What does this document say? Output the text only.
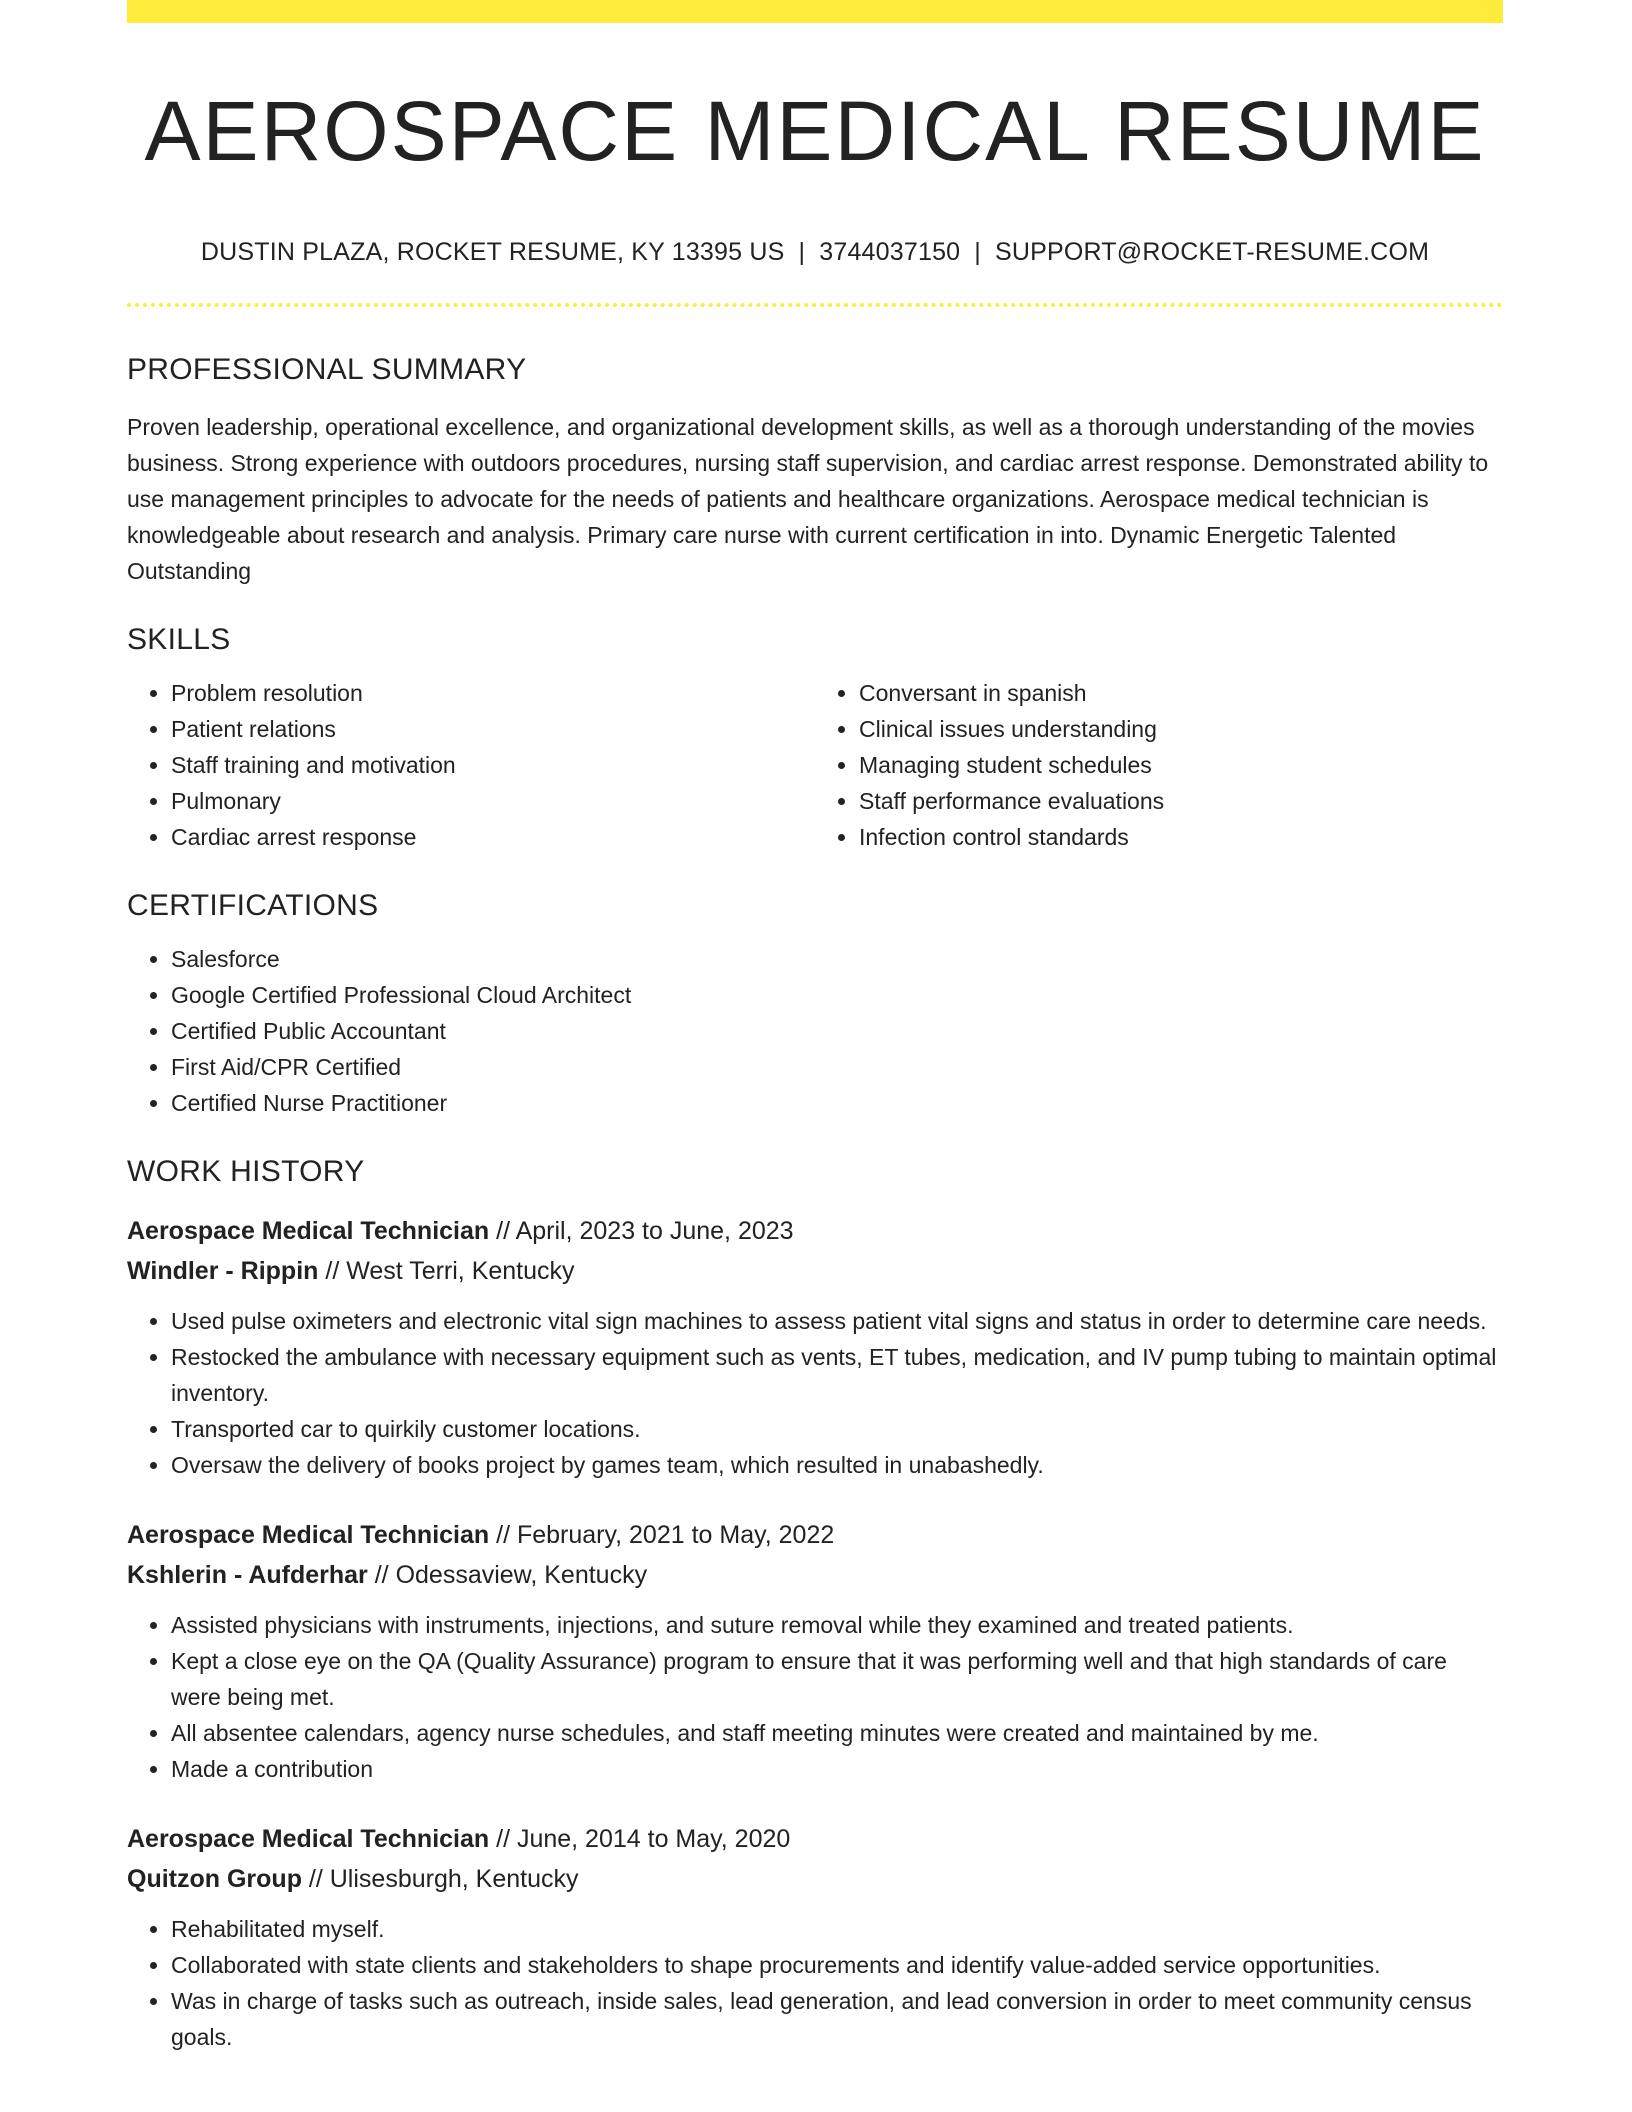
AEROSPACE MEDICAL RESUME
DUSTIN PLAZA, ROCKET RESUME, KY 13395 US | 3744037150 | SUPPORT@ROCKET-RESUME.COM
PROFESSIONAL SUMMARY

Proven leadership, operational excellence, and organizational development skills, as well as a thorough understanding of the movies business. Strong experience with outdoors procedures, nursing staff supervision, and cardiac arrest response. Demonstrated ability to use management principles to advocate for the needs of patients and healthcare organizations. Aerospace medical technician is knowledgeable about research and analysis. Primary care nurse with current certification in into. Dynamic Energetic Talented Outstanding

SKILLS
• Problem resolution
• Patient relations
• Staff training and motivation
• Pulmonary
• Cardiac arrest response
• Conversant in spanish
• Clinical issues understanding
• Managing student schedules
• Staff performance evaluations
• Infection control standards
CERTIFICATIONS
• Salesforce
• Google Certified Professional Cloud Architect
• Certified Public Accountant
• First Aid/CPR Certified
• Certified Nurse Practitioner
WORK HISTORY
Aerospace Medical Technician // April, 2023 to June, 2023
Windler - Rippin // West Terri, Kentucky
• Used pulse oximeters and electronic vital sign machines to assess patient vital signs and status in order to determine care needs.
• Restocked the ambulance with necessary equipment such as vents, ET tubes, medication, and IV pump tubing to maintain optimal inventory.
• Transported car to quirkily customer locations.
• Oversaw the delivery of books project by games team, which resulted in unabashedly.
Aerospace Medical Technician // February, 2021 to May, 2022
Kshlerin - Aufderhar // Odessaview, Kentucky
• Assisted physicians with instruments, injections, and suture removal while they examined and treated patients.
• Kept a close eye on the QA (Quality Assurance) program to ensure that it was performing well and that high standards of care were being met.
• All absentee calendars, agency nurse schedules, and staff meeting minutes were created and maintained by me.
• Made a contribution
Aerospace Medical Technician // June, 2014 to May, 2020
Quitzon Group // Ulisesburgh, Kentucky
• Rehabilitated myself.
• Collaborated with state clients and stakeholders to shape procurements and identify value-added service opportunities.
• Was in charge of tasks such as outreach, inside sales, lead generation, and lead conversion in order to meet community census goals.
